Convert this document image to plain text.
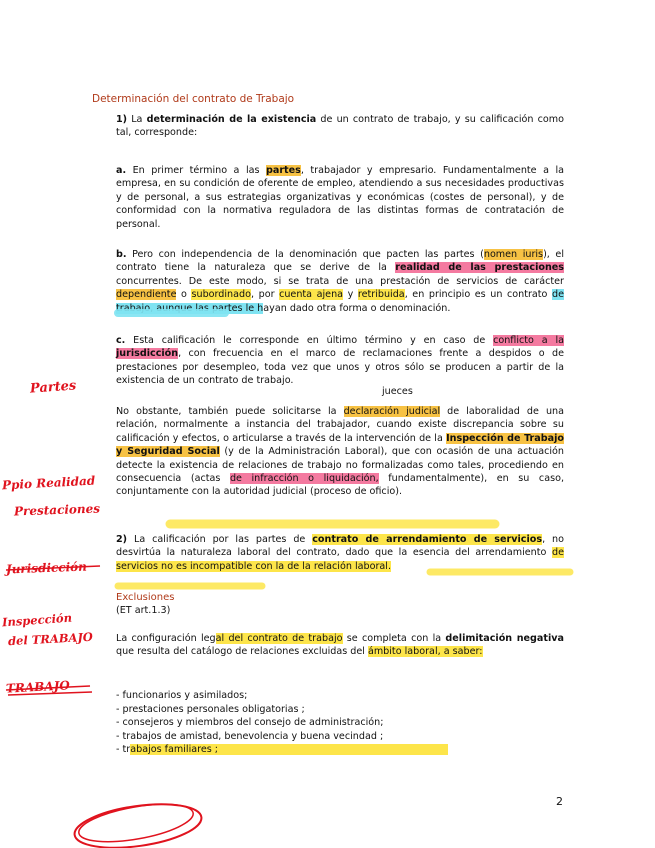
Determinación del contrato de Trabajo
1) La determinación de la existencia de un contrato de trabajo, y su calificación como tal, corresponde:
a. En primer término a las partes, trabajador y empresario. Fundamentalmente a la empresa, en su condición de oferente de empleo, atendiendo a sus necesidades productivas y de personal, a sus estrategias organizativas y económicas (costes de personal), y de conformidad con la normativa reguladora de las distintas formas de contratación de personal.
b. Pero con independencia de la denominación que pacten las partes (nomen iuris), el contrato tiene la naturaleza que se derive de la realidad de las prestaciones concurrentes. De este modo, si se trata de una prestación de servicios de carácter dependiente o subordinado, por cuenta ajena y retribuida, en principio es un contrato de trabajo, aunque las partes le hayan dado otra forma o denominación.
c. Esta calificación le corresponde en último término y en caso de conflicto a la jurisdicción, con frecuencia en el marco de reclamaciones frente a despidos o de prestaciones por desempleo, toda vez que unos y otros sólo se producen a partir de la existencia de un contrato de trabajo.
jueces
No obstante, también puede solicitarse la declaración judicial de laboralidad de una relación, normalmente a instancia del trabajador, cuando existe discrepancia sobre su calificación y efectos, o articularse a través de la intervención de la Inspección de Trabajo y Seguridad Social (y de la Administración Laboral), que con ocasión de una actuación detecte la existencia de relaciones de trabajo no formalizadas como tales, procediendo en consecuencia (actas de infracción o liquidación, fundamentalmente), en su caso, conjuntamente con la autoridad judicial (proceso de oficio).
2) La calificación por las partes de contrato de arrendamiento de servicios, no desvirtúa la naturaleza laboral del contrato, dado que la esencia del arrendamiento de servicios no es incompatible con la de la relación laboral.
Exclusiones
(ET art.1.3)
La configuración legal del contrato de trabajo se completa con la delimitación negativa que resulta del catálogo de relaciones excluidas del ámbito laboral, a saber:
- funcionarios y asimilados;
- prestaciones personales obligatorias ;
- consejeros y miembros del consejo de administración;
- trabajos de amistad, benevolencia y buena vecindad ;
- trabajos familiares ;
2
Partes
Ppio Realidad
Prestaciones
Jurisdicción
Inspección
del TRABAJO
TRABAJO
